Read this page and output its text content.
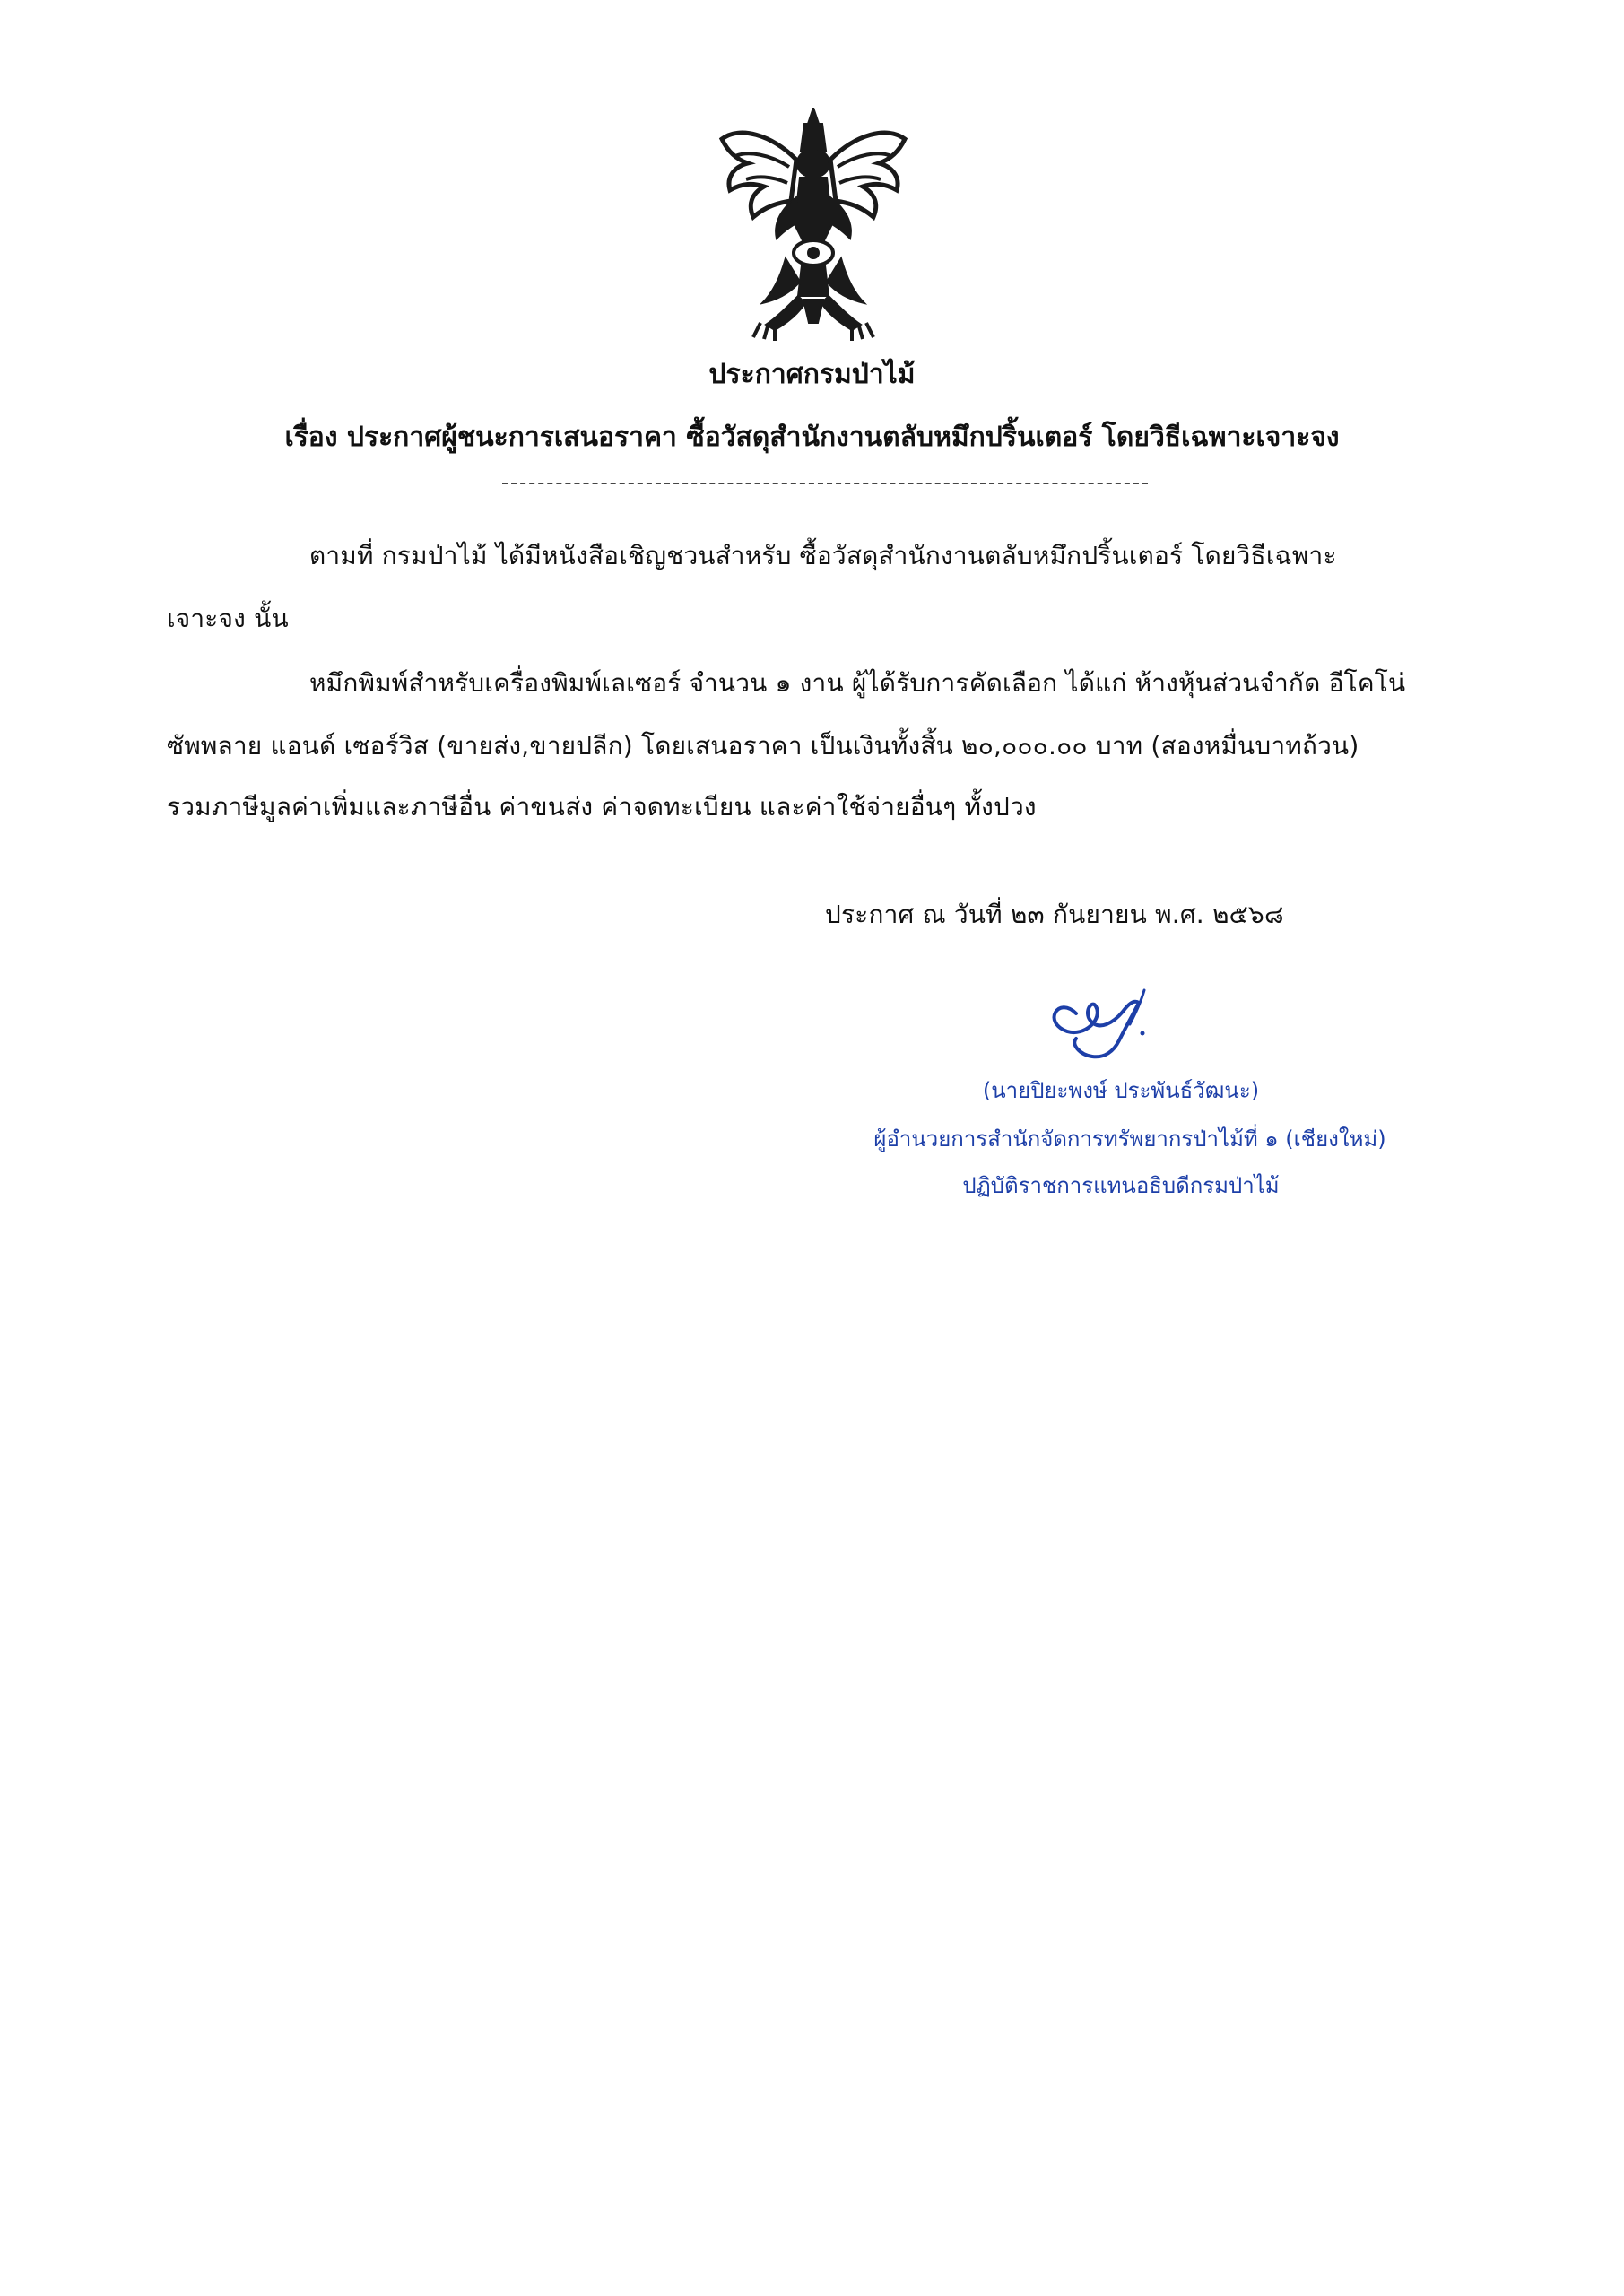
ประกาศกรมป่าไม้
เรื่อง ประกาศผู้ชนะการเสนอราคา ซื้อวัสดุสำนักงานตลับหมึกปริ้นเตอร์ โดยวิธีเฉพาะเจาะจง
ตามที่ กรมป่าไม้ ได้มีหนังสือเชิญชวนสำหรับ ซื้อวัสดุสำนักงานตลับหมึกปริ้นเตอร์ โดยวิธีเฉพาะ
เจาะจง นั้น
หมึกพิมพ์สำหรับเครื่องพิมพ์เลเซอร์ จำนวน ๑ งาน ผู้ได้รับการคัดเลือก ได้แก่ ห้างหุ้นส่วนจำกัด อีโคโน่
ซัพพลาย แอนด์ เซอร์วิส (ขายส่ง,ขายปลีก) โดยเสนอราคา เป็นเงินทั้งสิ้น ๒๐,๐๐๐.๐๐ บาท (สองหมื่นบาทถ้วน)
รวมภาษีมูลค่าเพิ่มและภาษีอื่น ค่าขนส่ง ค่าจดทะเบียน และค่าใช้จ่ายอื่นๆ ทั้งปวง
ประกาศ ณ วันที่ ๒๓ กันยายน พ.ศ. ๒๕๖๘
(นายปิยะพงษ์ ประพันธ์วัฒนะ)
ผู้อำนวยการสำนักจัดการทรัพยากรป่าไม้ที่ ๑ (เชียงใหม่)
ปฏิบัติราชการแทนอธิบดีกรมป่าไม้
